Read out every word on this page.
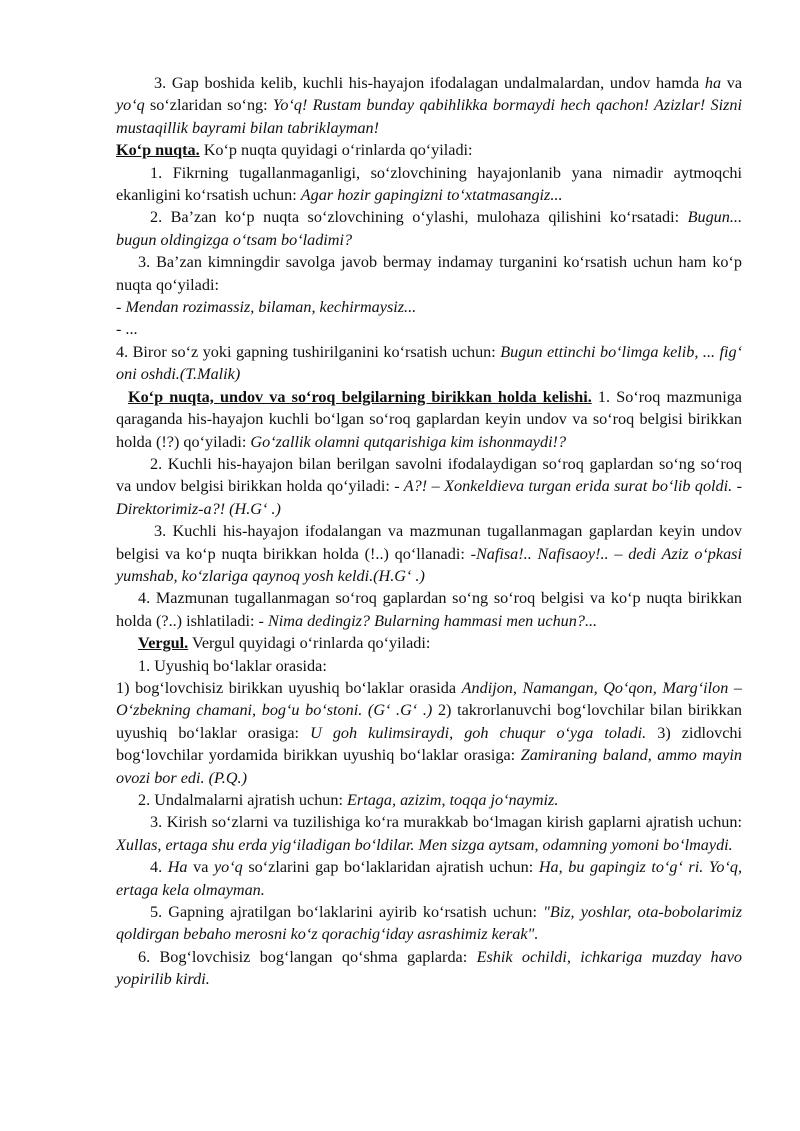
3. Gap boshida kelib, kuchli his-hayajon ifodalagan undalmalardan, undov hamda ha va yo‘q so‘zlaridan so‘ng: Yo‘q! Rustam bunday qabihlikka bormaydi hech qachon! Azizlar! Sizni mustaqillik bayrami bilan tabriklayman!

Ko‘p nuqta. Ko‘p nuqta quyidagi o‘rinlarda qo‘yiladi:

1. Fikrning tugallanmaganligi, so‘zlovchining hayajonlanib yana nimadir aytmoqchi ekanligini ko‘rsatish uchun: Agar hozir gapingizni to‘xtatmasangiz...

2. Ba’zan ko‘p nuqta so‘zlovchining o‘ylashi, mulohaza qilishini ko‘rsatadi: Bugun... bugun oldingizga o‘tsam bo‘ladimi?

3. Ba’zan kimningdir savolga javob bermay indamay turganini ko‘rsatish uchun ham ko‘p nuqta qo‘yiladi:

- Mendan rozimassiz, bilaman, kechirmaysiz...

- ...

4. Biror so‘z yoki gapning tushirilganini ko‘rsatish uchun: Bugun ettinchi bo‘limga kelib, ... fig‘ oni oshdi.(T.Malik)

Ko‘p nuqta, undov va so‘roq belgilarning birikkan holda kelishi. 1. So‘roq mazmuniga qaraganda his-hayajon kuchli bo‘lgan so‘roq gaplardan keyin undov va so‘roq belgisi birikkan holda (!?) qo‘yiladi: Go‘zallik olamni qutqarishiga kim ishonmaydi!?

2. Kuchli his-hayajon bilan berilgan savolni ifodalaydigan so‘roq gaplardan so‘ng so‘roq va undov belgisi birikkan holda qo‘yiladi: - A?! – Xonkeldieva turgan erida surat bo‘lib qoldi. - Direktorimiz-a?! (H.G‘ .)

3. Kuchli his-hayajon ifodalangan va mazmunan tugallanmagan gaplardan keyin undov belgisi va ko‘p nuqta birikkan holda (!..) qo‘llanadi: -Nafisa!.. Nafisaoy!.. – dedi Aziz o‘pkasi yumshab, ko‘zlariga qaynoq yosh keldi.(H.G‘ .)

4. Mazmunan tugallanmagan so‘roq gaplardan so‘ng so‘roq belgisi va ko‘p nuqta birikkan holda (?..) ishlatiladi: - Nima dedingiz? Bularning hammasi men uchun?...

Vergul. Vergul quyidagi o‘rinlarda qo‘yiladi:

1. Uyushiq bo‘laklar orasida:

1) bog‘lovchisiz birikkan uyushiq bo‘laklar orasida Andijon, Namangan, Qo‘qon, Marg‘ilon – O‘zbekning chamani, bog‘u bo‘stoni. (G‘ .G‘ .) 2) takrorlanuvchi bog‘lovchilar bilan birikkan uyushiq bo‘laklar orasiga: U goh kulimsiraydi, goh chuqur o‘yga toladi. 3) zidlovchi bog‘lovchilar yordamida birikkan uyushiq bo‘laklar orasiga: Zamiraning baland, ammo mayin ovozi bor edi. (P.Q.)

2. Undalmalarni ajratish uchun: Ertaga, azizim, toqqa jo‘naymiz.

3. Kirish so‘zlarni va tuzilishiga ko‘ra murakkab bo‘lmagan kirish gaplarni ajratish uchun: Xullas, ertaga shu erda yig‘iladigan bo‘ldilar. Men sizga aytsam, odamning yomoni bo‘lmaydi.

4. Ha va yo‘q so‘zlarini gap bo‘laklaridan ajratish uchun: Ha, bu gapingiz to‘g‘ ri. Yo‘q, ertaga kela olmayman.

5. Gapning ajratilgan bo‘laklarini ayirib ko‘rsatish uchun: "Biz, yoshlar, ota-bobolarimiz qoldirgan bebaho merosni ko‘z qorachig‘iday asrashimiz kerak".

6. Bog‘lovchisiz bog‘langan qo‘shma gaplarda: Eshik ochildi, ichkariga muzday havo yopirilib kirdi.
